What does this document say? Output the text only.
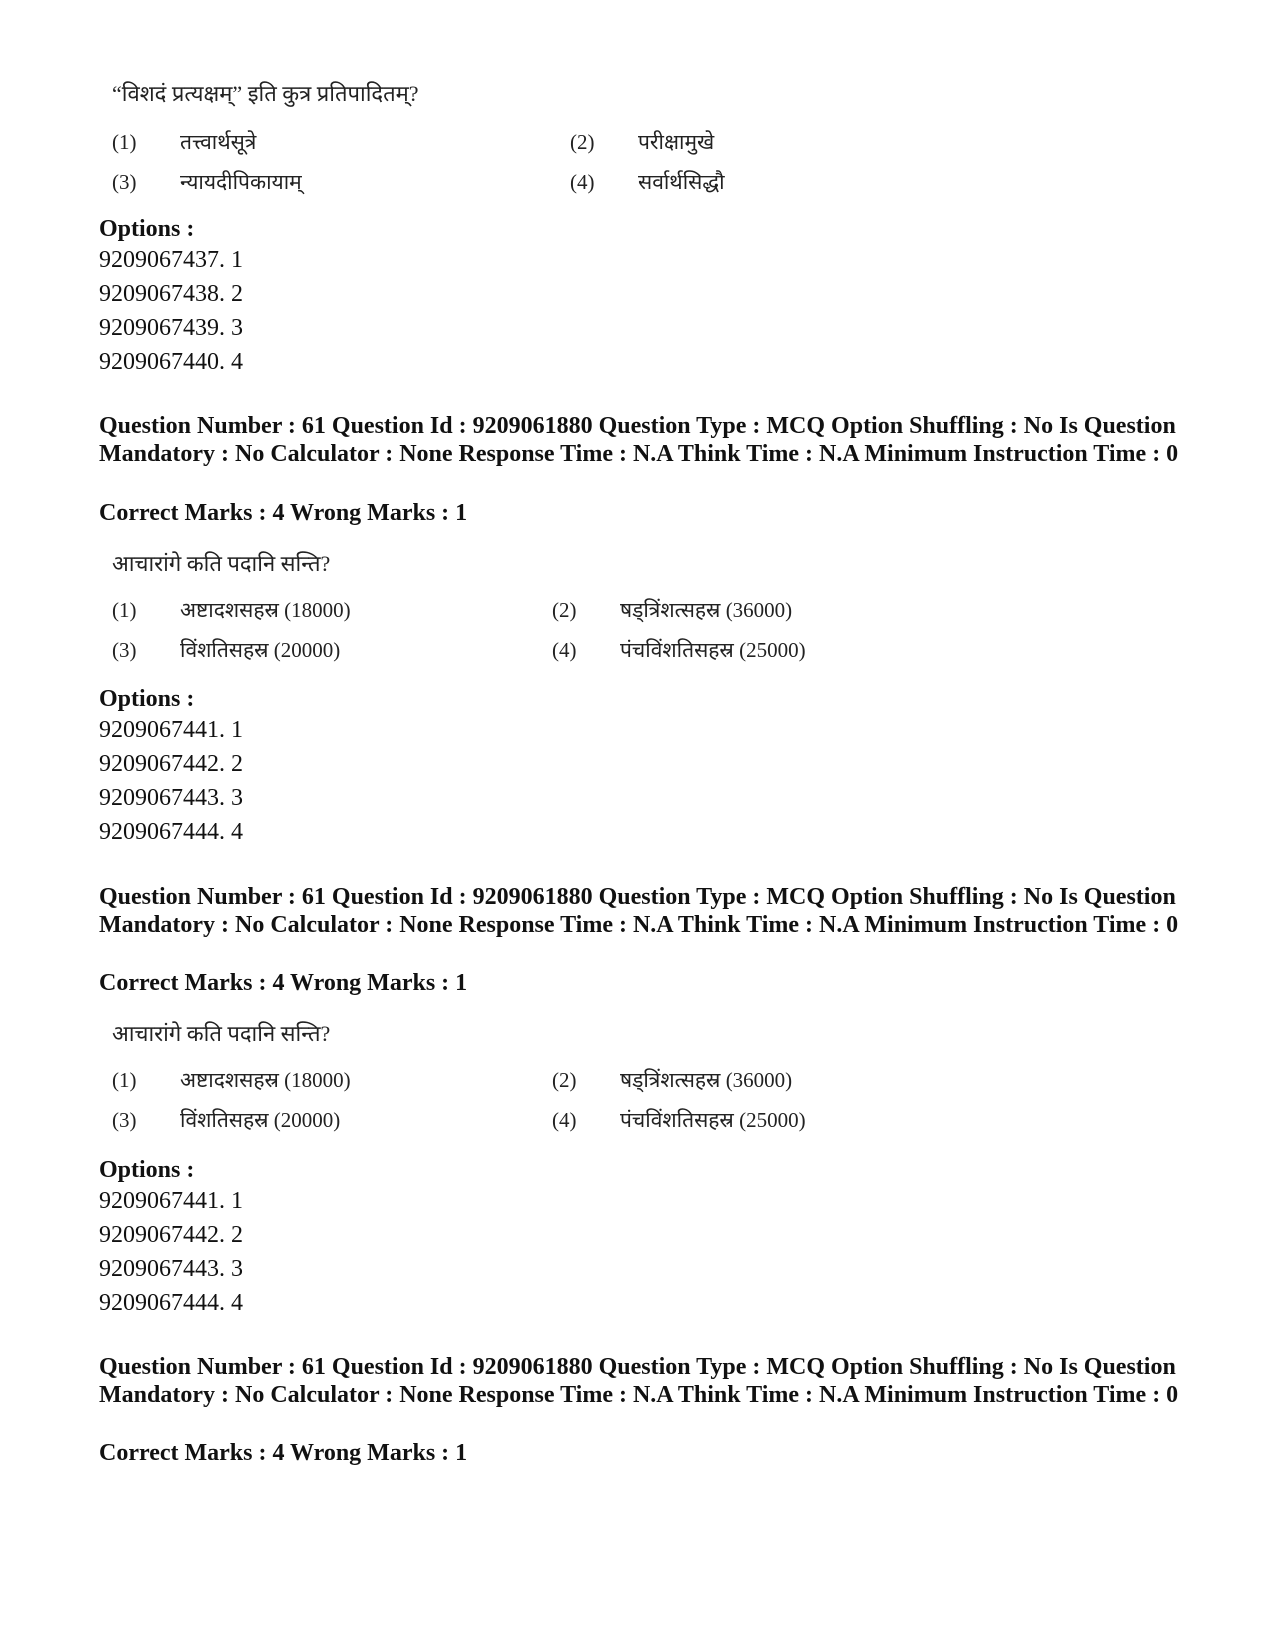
“विशदं प्रत्यक्षम्” इति कुत्र प्रतिपादितम्?
(1) तत्त्वार्थसूत्रे	(2) परीक्षामुखे
(3) न्यायदीपिकायाम्	(4) सर्वार्थसिद्धौ
Options :
9209067437. 1
9209067438. 2
9209067439. 3
9209067440. 4
Question Number : 61 Question Id : 9209061880 Question Type : MCQ Option Shuffling : No Is Question Mandatory : No Calculator : None Response Time : N.A Think Time : N.A Minimum Instruction Time : 0
Correct Marks : 4 Wrong Marks : 1
आचारांगे कति पदानि सन्ति?
(1) अष्टादशसहस्र (18000)	(2) षड्त्रिंशत्सहस्र (36000)
(3) विंशतिसहस्र (20000)	(4) पंचविंशतिसहस्र (25000)
Options :
9209067441. 1
9209067442. 2
9209067443. 3
9209067444. 4
Question Number : 61 Question Id : 9209061880 Question Type : MCQ Option Shuffling : No Is Question Mandatory : No Calculator : None Response Time : N.A Think Time : N.A Minimum Instruction Time : 0
Correct Marks : 4 Wrong Marks : 1
आचारांगे कति पदानि सन्ति?
(1) अष्टादशसहस्र (18000)	(2) षड्त्रिंशत्सहस्र (36000)
(3) विंशतिसहस्र (20000)	(4) पंचविंशतिसहस्र (25000)
Options :
9209067441. 1
9209067442. 2
9209067443. 3
9209067444. 4
Question Number : 61 Question Id : 9209061880 Question Type : MCQ Option Shuffling : No Is Question Mandatory : No Calculator : None Response Time : N.A Think Time : N.A Minimum Instruction Time : 0
Correct Marks : 4 Wrong Marks : 1
